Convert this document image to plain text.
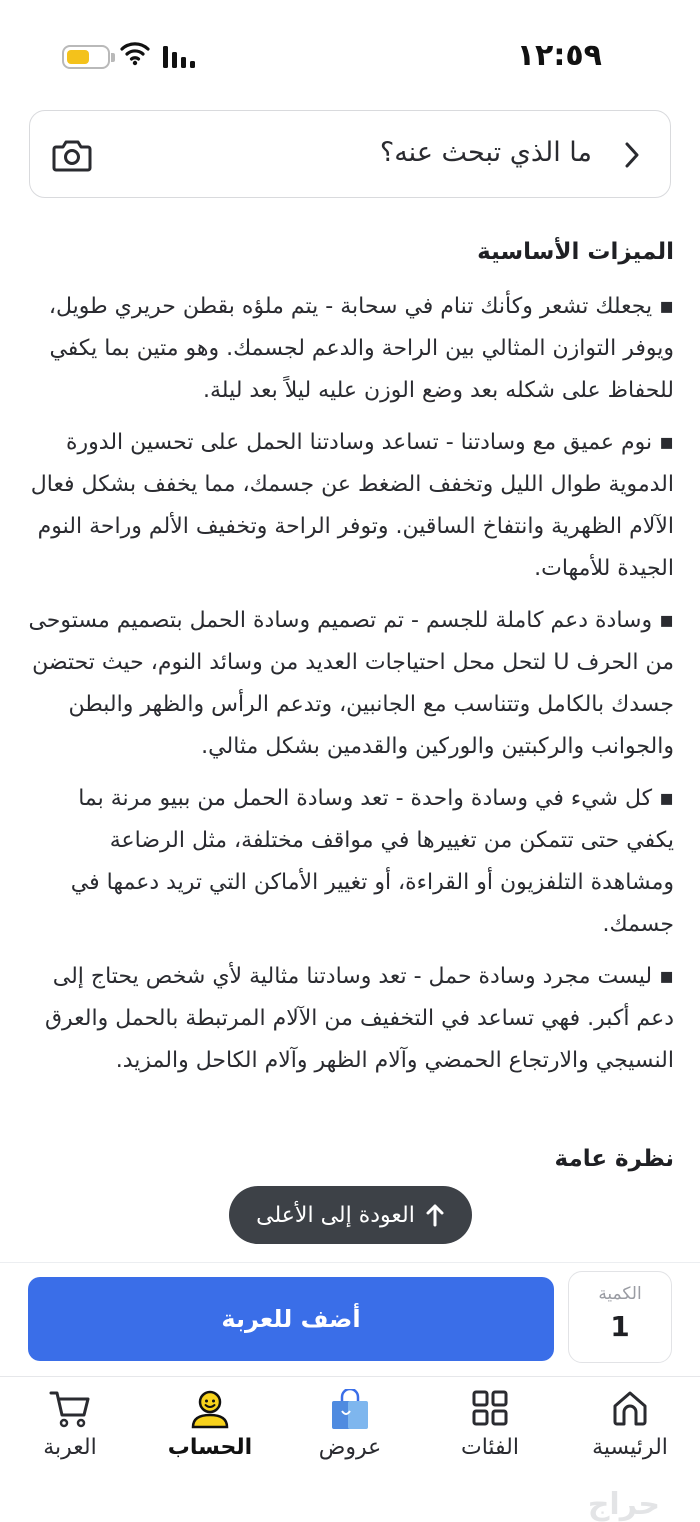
١٢:٥٩
ما الذي تبحث عنه؟
الميزات الأساسية

▪ يجعلك تشعر وكأنك تنام في سحابة - يتم ملؤه بقطن حريري طويل، ويوفر التوازن المثالي بين الراحة والدعم لجسمك. وهو متين بما يكفي للحفاظ على شكله بعد وضع الوزن عليه ليلاً بعد ليلة.

▪ نوم عميق مع وسادتنا - تساعد وسادتنا الحمل على تحسين الدورة الدموية طوال الليل وتخفف الضغط عن جسمك، مما يخفف بشكل فعال الآلام الظهرية وانتفاخ الساقين. وتوفر الراحة وتخفيف الألم وراحة النوم الجيدة للأمهات.

▪ وسادة دعم كاملة للجسم - تم تصميم وسادة الحمل بتصميم مستوحى من الحرف U لتحل محل احتياجات العديد من وسائد النوم، حيث تحتضن جسدك بالكامل وتتناسب مع الجانبين، وتدعم الرأس والظهر والبطن والجوانب والركبتين والوركين والقدمين بشكل مثالي.

▪ كل شيء في وسادة واحدة - تعد وسادة الحمل من ببيو مرنة بما يكفي حتى تتمكن من تغييرها في مواقف مختلفة، مثل الرضاعة ومشاهدة التلفزيون أو القراءة، أو تغيير الأماكن التي تريد دعمها في جسمك.

▪ ليست مجرد وسادة حمل - تعد وسادتنا مثالية لأي شخص يحتاج إلى دعم أكبر. فهي تساعد في التخفيف من الآلام المرتبطة بالحمل والعرق النسيجي والارتجاع الحمضي وآلام الظهر وآلام الكاحل والمزيد.

نظرة عامة
العودة إلى الأعلى
أضف للعربة
الكمية
1
الرئيسية
الفئات
عروض
الحساب
العربة
حراج
